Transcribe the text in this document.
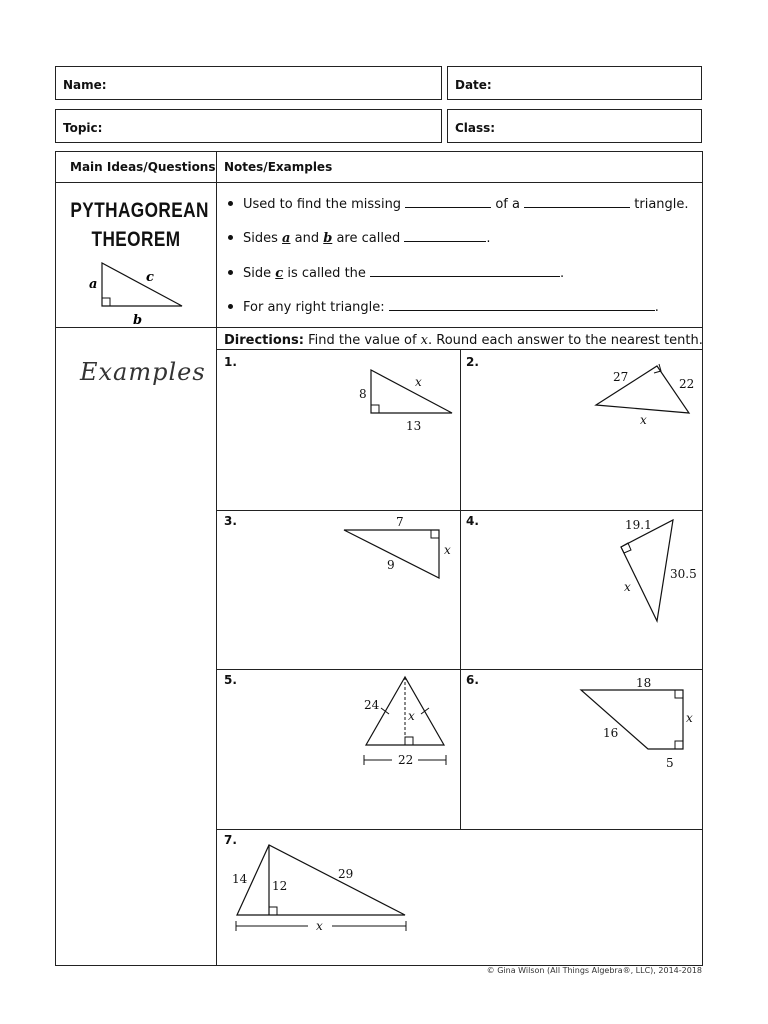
Name:	Date:
Topic:	Class:
Main Ideas/Questions Notes/Examples
PYTHAGOREAN
THEOREM
a	c
b
Used to find the missing	of a	triangle.
Sides a and b are called	.
Side c is called the	.
For any right triangle:	.
Examples
Directions: Find the value of x. Round each answer to the nearest tenth.
1.	2.
3.	4.
5.	6.
7.
8
x
13
27	22
x
7
x
9
19.1
30.5
x
24
x
22
18
x
16
5
14 12
29
x
© Gina Wilson (All Things Algebra®, LLC), 2014-2018
